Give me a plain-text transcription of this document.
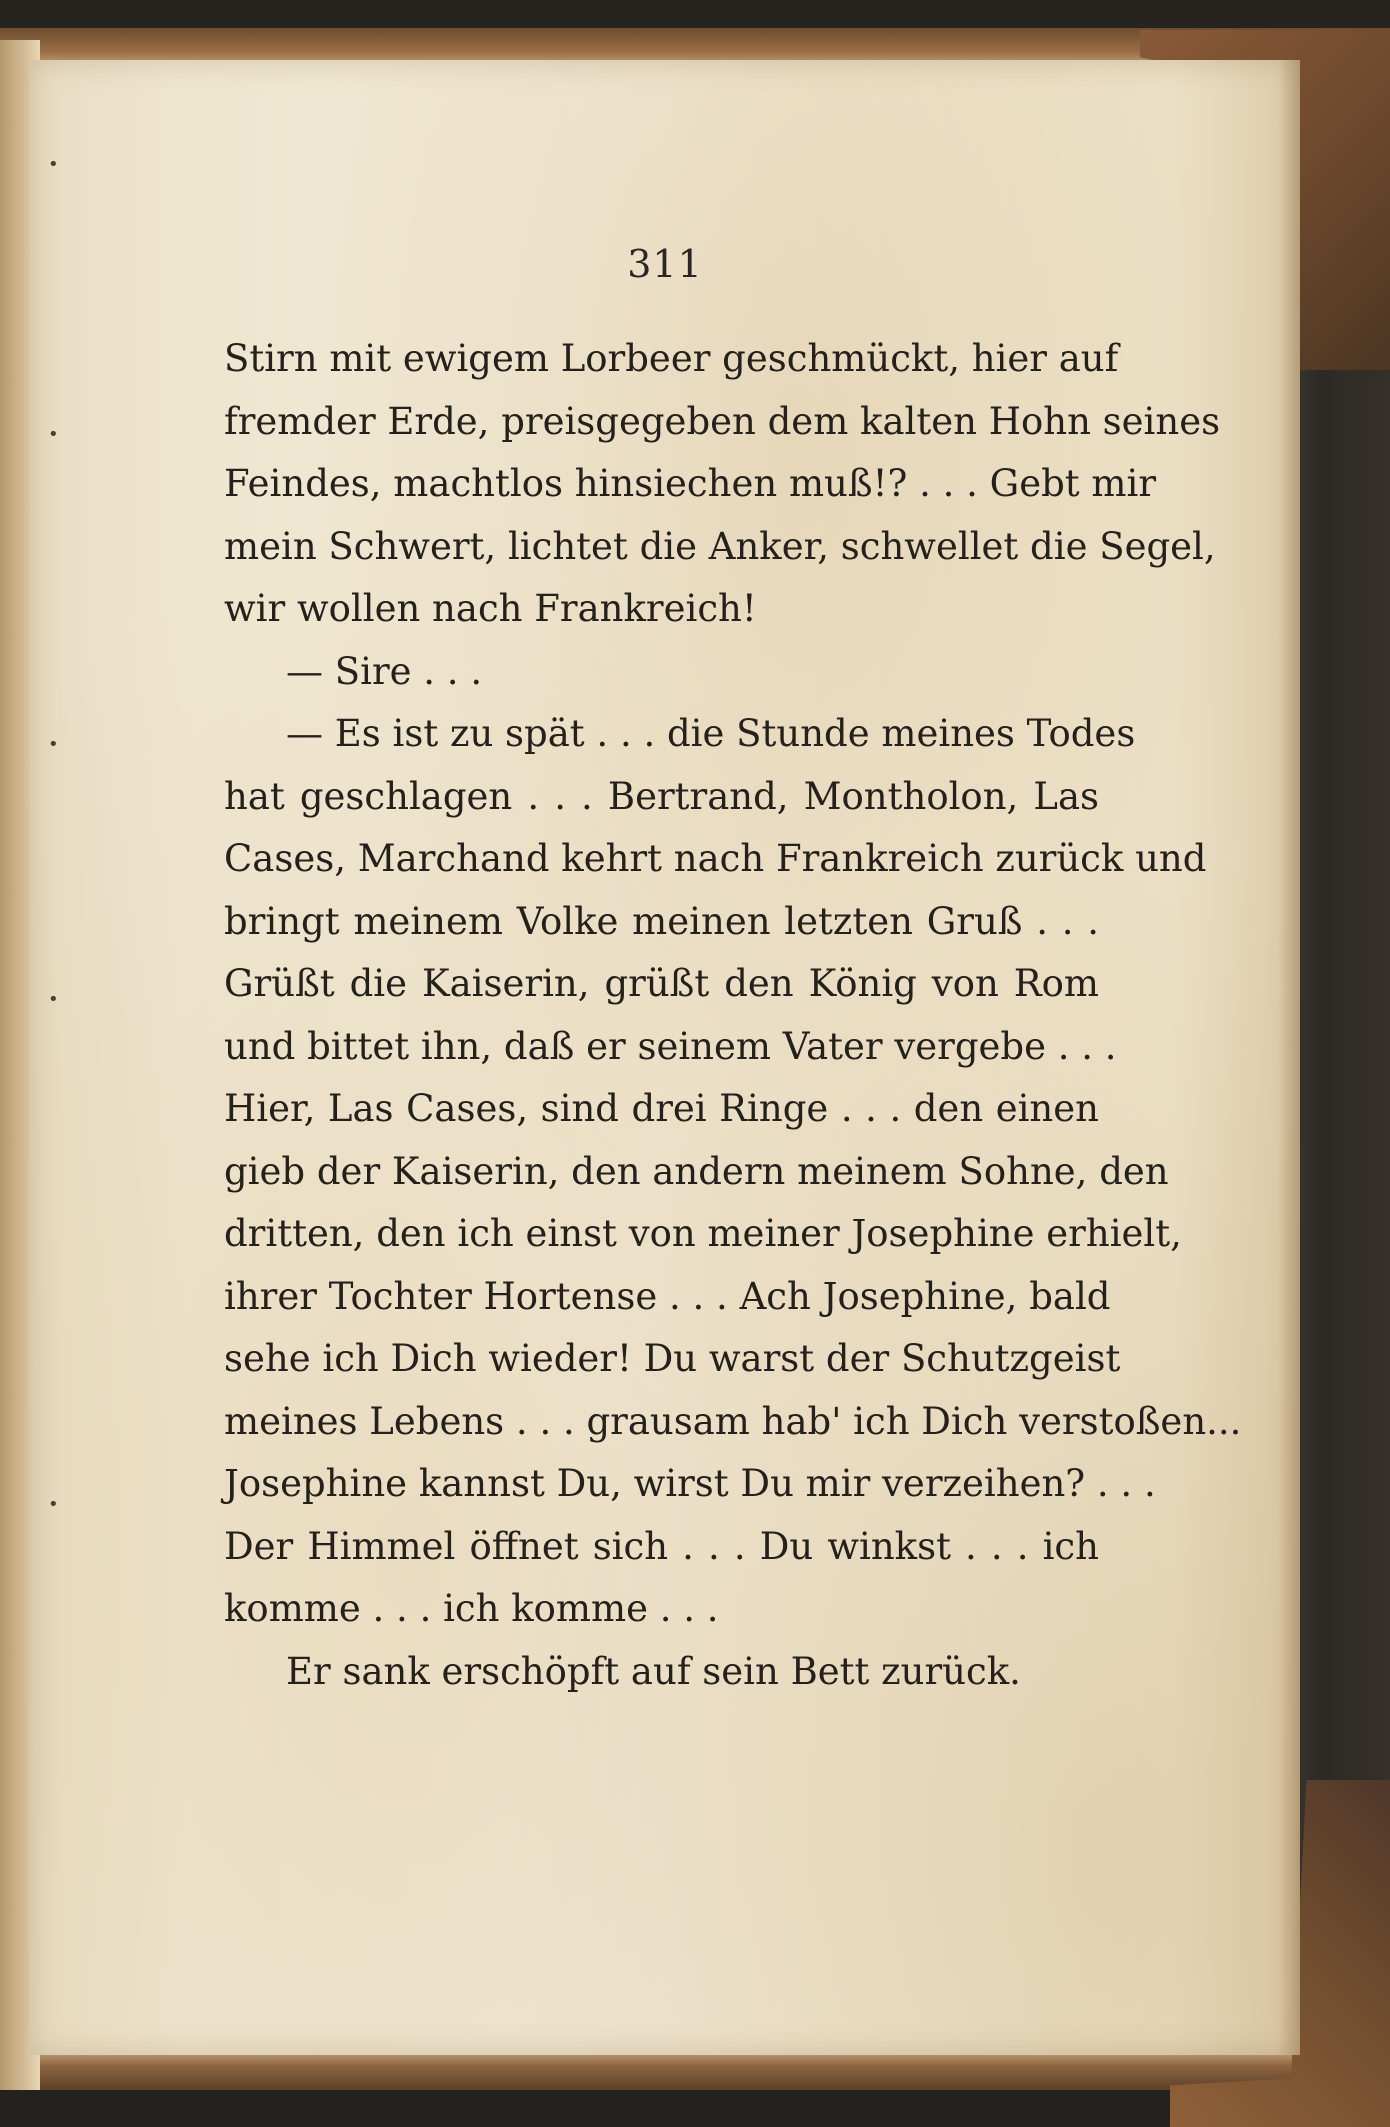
311
Stirn mit ewigem Lorbeer geschmückt, hier auf
fremder Erde, preisgegeben dem kalten Hohn seines
Feindes, machtlos hinsiechen muß!? . . . Gebt mir
mein Schwert, lichtet die Anker, schwellet die Segel,
wir wollen nach Frankreich!
— Sire . . .
— Es ist zu spät . . . die Stunde meines Todes
hat geschlagen . . . Bertrand, Montholon, Las
Cases, Marchand kehrt nach Frankreich zurück und
bringt meinem Volke meinen letzten Gruß . . .
Grüßt die Kaiserin, grüßt den König von Rom
und bittet ihn, daß er seinem Vater vergebe . . .
Hier, Las Cases, sind drei Ringe . . . den einen
gieb der Kaiserin, den andern meinem Sohne, den
dritten, den ich einst von meiner Josephine erhielt,
ihrer Tochter Hortense . . . Ach Josephine, bald
sehe ich Dich wieder! Du warst der Schutzgeist
meines Lebens . . . grausam hab' ich Dich verstoßen...
Josephine kannst Du, wirst Du mir verzeihen? . . .
Der Himmel öffnet sich . . . Du winkst . . . ich
komme . . . ich komme . . .
Er sank erschöpft auf sein Bett zurück.
•
•
•
•
•
